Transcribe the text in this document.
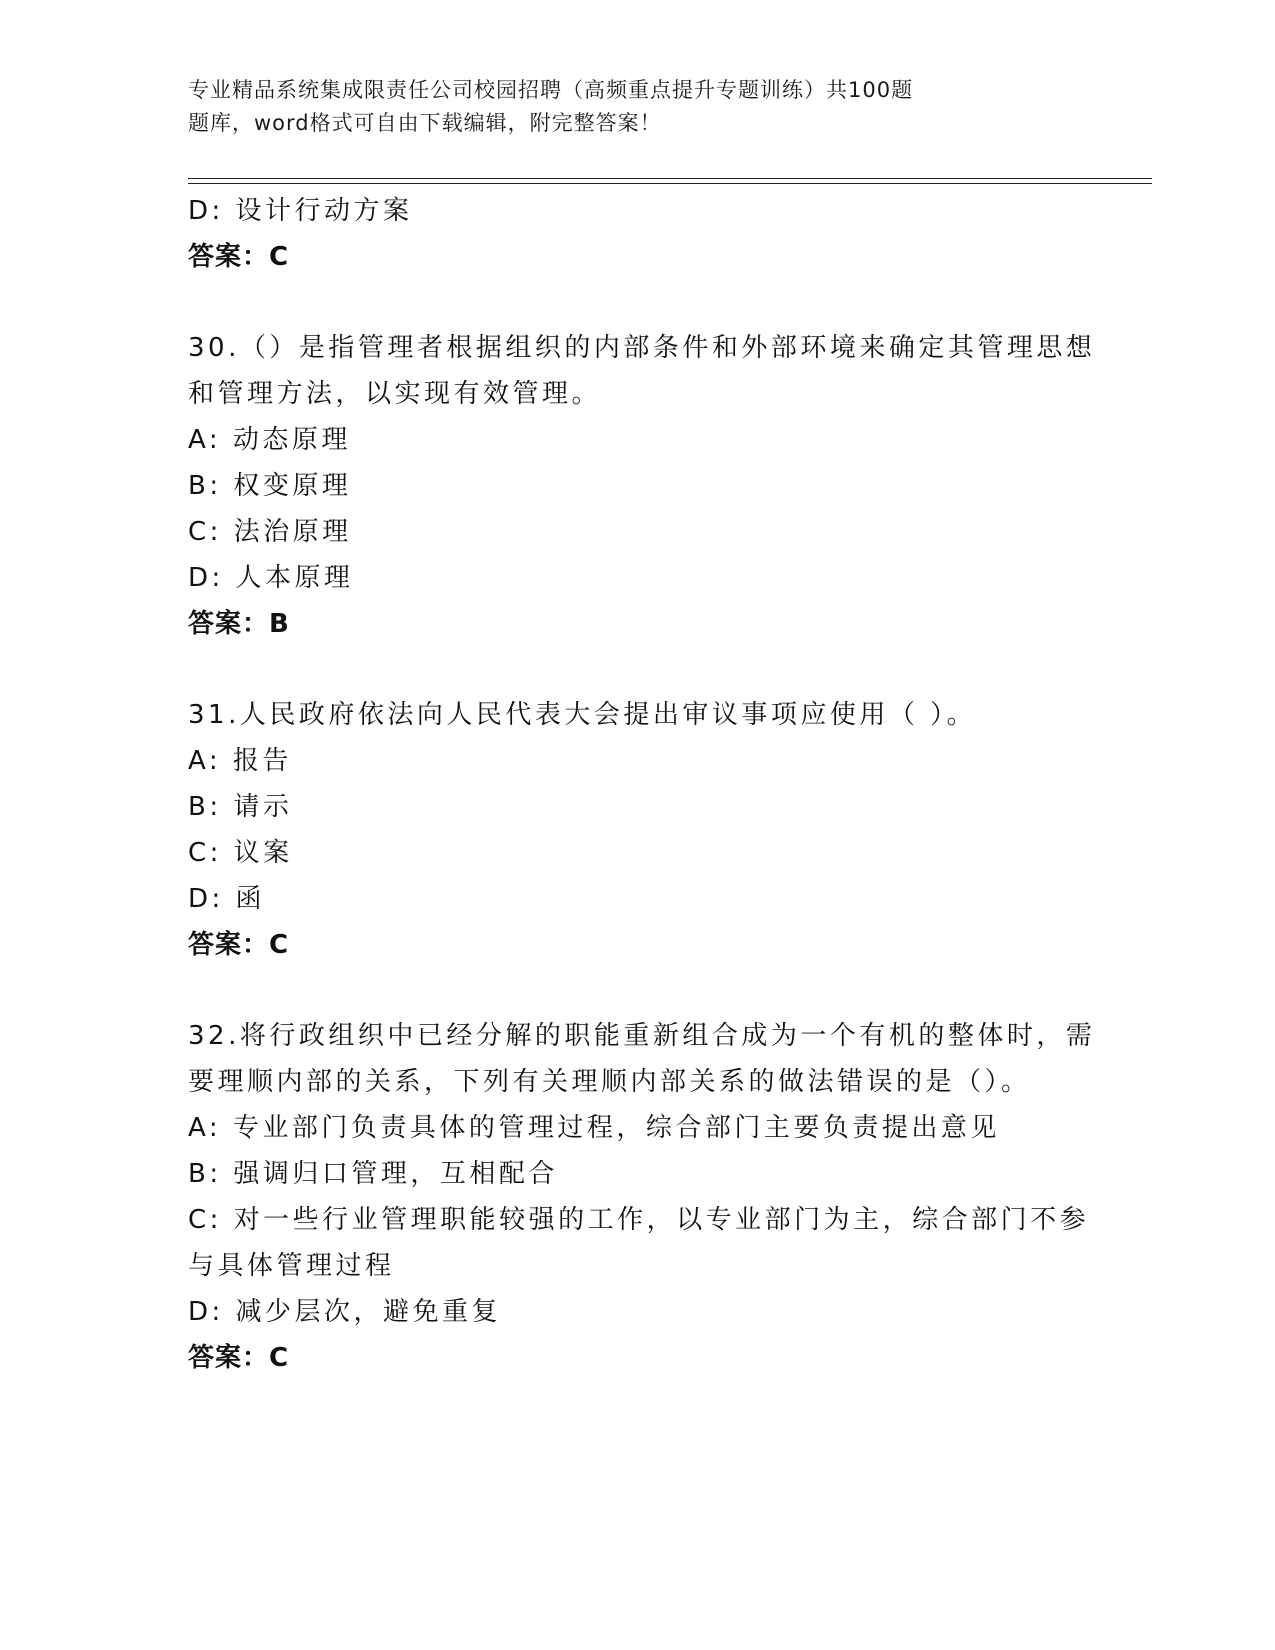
专业精品系统集成限责任公司校园招聘（高频重点提升专题训练）共100题
题库，word格式可自由下载编辑，附完整答案！
D: 设计行动方案
答案：C
30.（）是指管理者根据组织的内部条件和外部环境来确定其管理思想
和管理方法，以实现有效管理。
A: 动态原理
B: 权变原理
C: 法治原理
D: 人本原理
答案：B
31.人民政府依法向人民代表大会提出审议事项应使用（ ）。
A: 报告
B: 请示
C: 议案
D: 函
答案：C
32.将行政组织中已经分解的职能重新组合成为一个有机的整体时，需
要理顺内部的关系，下列有关理顺内部关系的做法错误的是（）。
A: 专业部门负责具体的管理过程，综合部门主要负责提出意见
B: 强调归口管理，互相配合
C: 对一些行业管理职能较强的工作，以专业部门为主，综合部门不参
与具体管理过程
D: 减少层次，避免重复
答案：C
